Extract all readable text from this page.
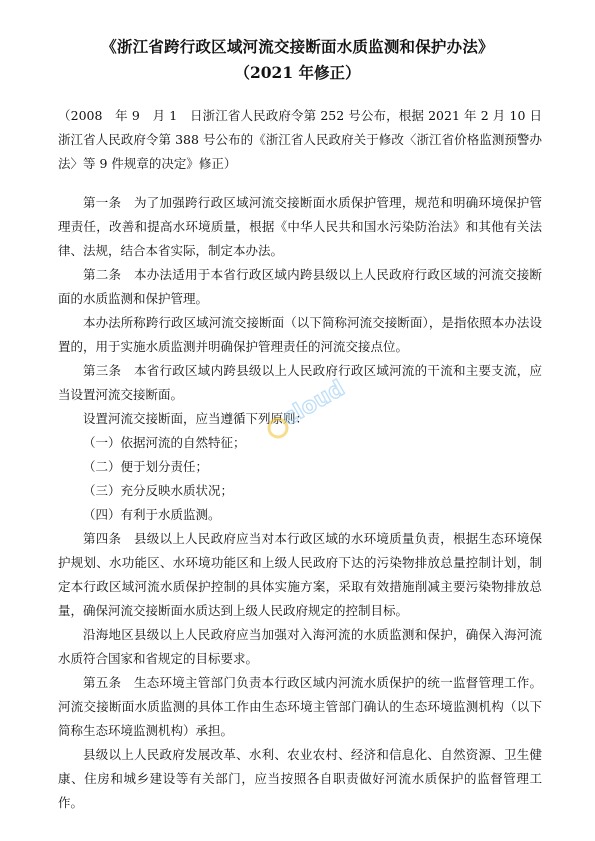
《浙江省跨行政区域河流交接断面水质监测和保护办法》
（2021 年修正）
（2008　年 9　月 1　日浙江省人民政府令第 252 号公布，根据 2021 年 2 月 10 日浙江省人民政府令第 388 号公布的《浙江省人民政府关于修改〈浙江省价格监测预警办法〉等 9 件规章的决定》修正）

第一条　为了加强跨行政区域河流交接断面水质保护管理，规范和明确环境保护管理责任，改善和提高水环境质量，根据《中华人民共和国水污染防治法》和其他有关法律、法规，结合本省实际，制定本办法。

第二条　本办法适用于本省行政区域内跨县级以上人民政府行政区域的河流交接断面的水质监测和保护管理。

本办法所称跨行政区域河流交接断面（以下简称河流交接断面），是指依照本办法设置的，用于实施水质监测并明确保护管理责任的河流交接点位。

第三条　本省行政区域内跨县级以上人民政府行政区域河流的干流和主要支流，应当设置河流交接断面。

设置河流交接断面，应当遵循下列原则：

（一）依据河流的自然特征；

（二）便于划分责任；

（三）充分反映水质状况；

（四）有利于水质监测。

第四条　县级以上人民政府应当对本行政区域的水环境质量负责，根据生态环境保护规划、水功能区、水环境功能区和上级人民政府下达的污染物排放总量控制计划，制定本行政区域河流水质保护控制的具体实施方案，采取有效措施削减主要污染物排放总量，确保河流交接断面水质达到上级人民政府规定的控制目标。

沿海地区县级以上人民政府应当加强对入海河流的水质监测和保护，确保入海河流水质符合国家和省规定的目标要求。

第五条　生态环境主管部门负责本行政区域内河流水质保护的统一监督管理工作。河流交接断面水质监测的具体工作由生态环境主管部门确认的生态环境监测机构（以下简称生态环境监测机构）承担。

县级以上人民政府发展改革、水利、农业农村、经济和信息化、自然资源、卫生健康、住房和城乡建设等有关部门，应当按照各自职责做好河流水质保护的监督管理工作。

cloud
